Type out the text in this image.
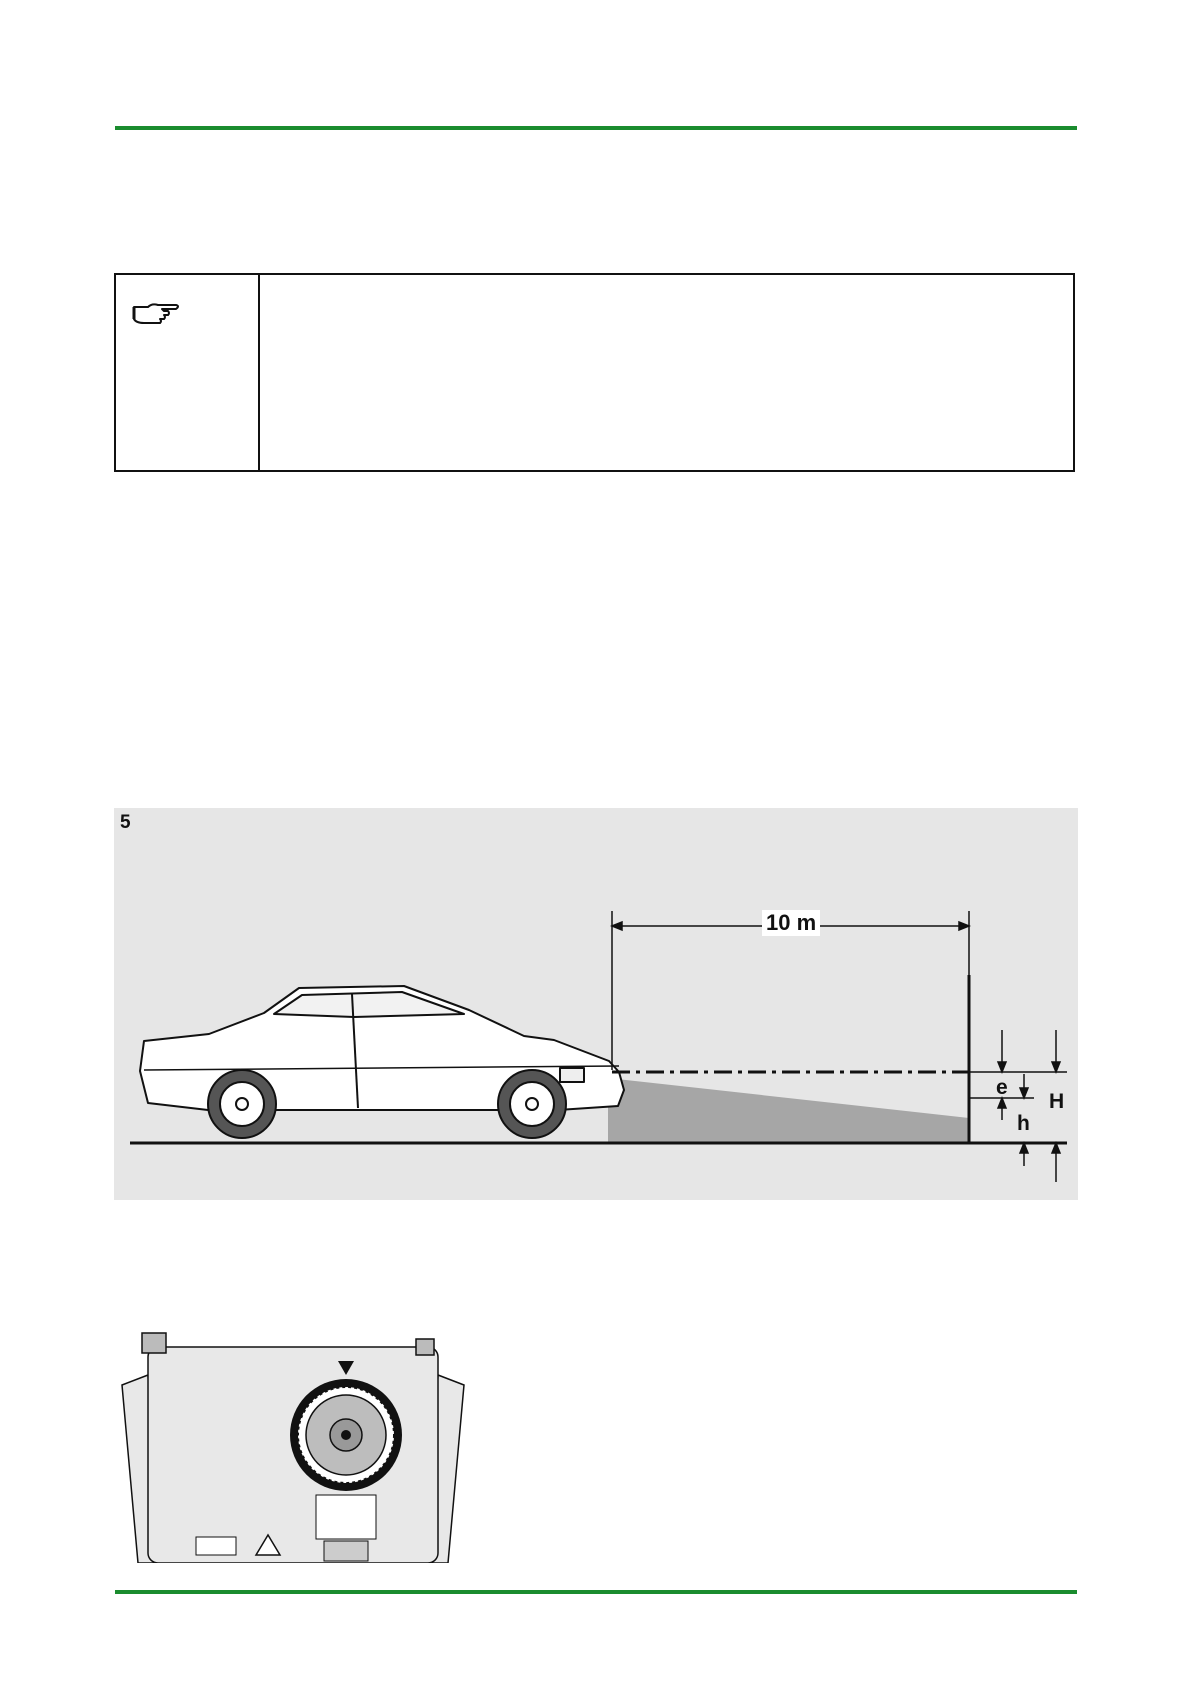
5
10 m
e
h
H
